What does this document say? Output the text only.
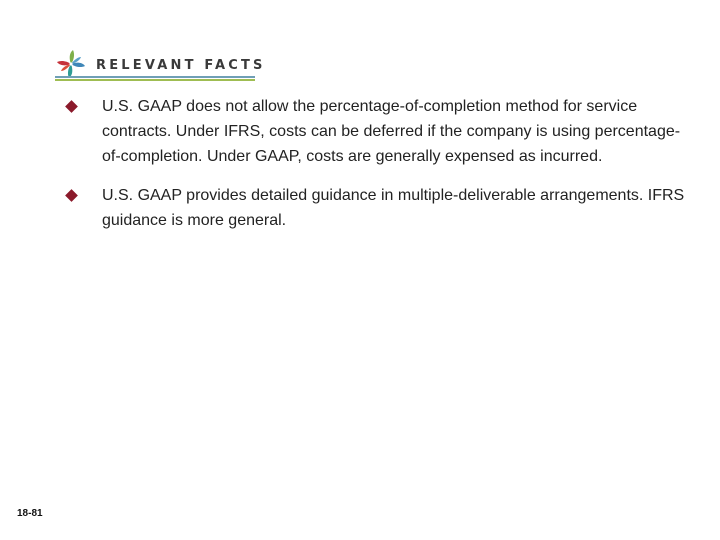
RELEVANT FACTS
U.S. GAAP does not allow the percentage-of-completion method for service contracts. Under IFRS, costs can be deferred if the company is using percentage-of-completion. Under GAAP, costs are generally expensed as incurred.
U.S. GAAP provides detailed guidance in multiple-deliverable arrangements. IFRS guidance is more general.
18-81
